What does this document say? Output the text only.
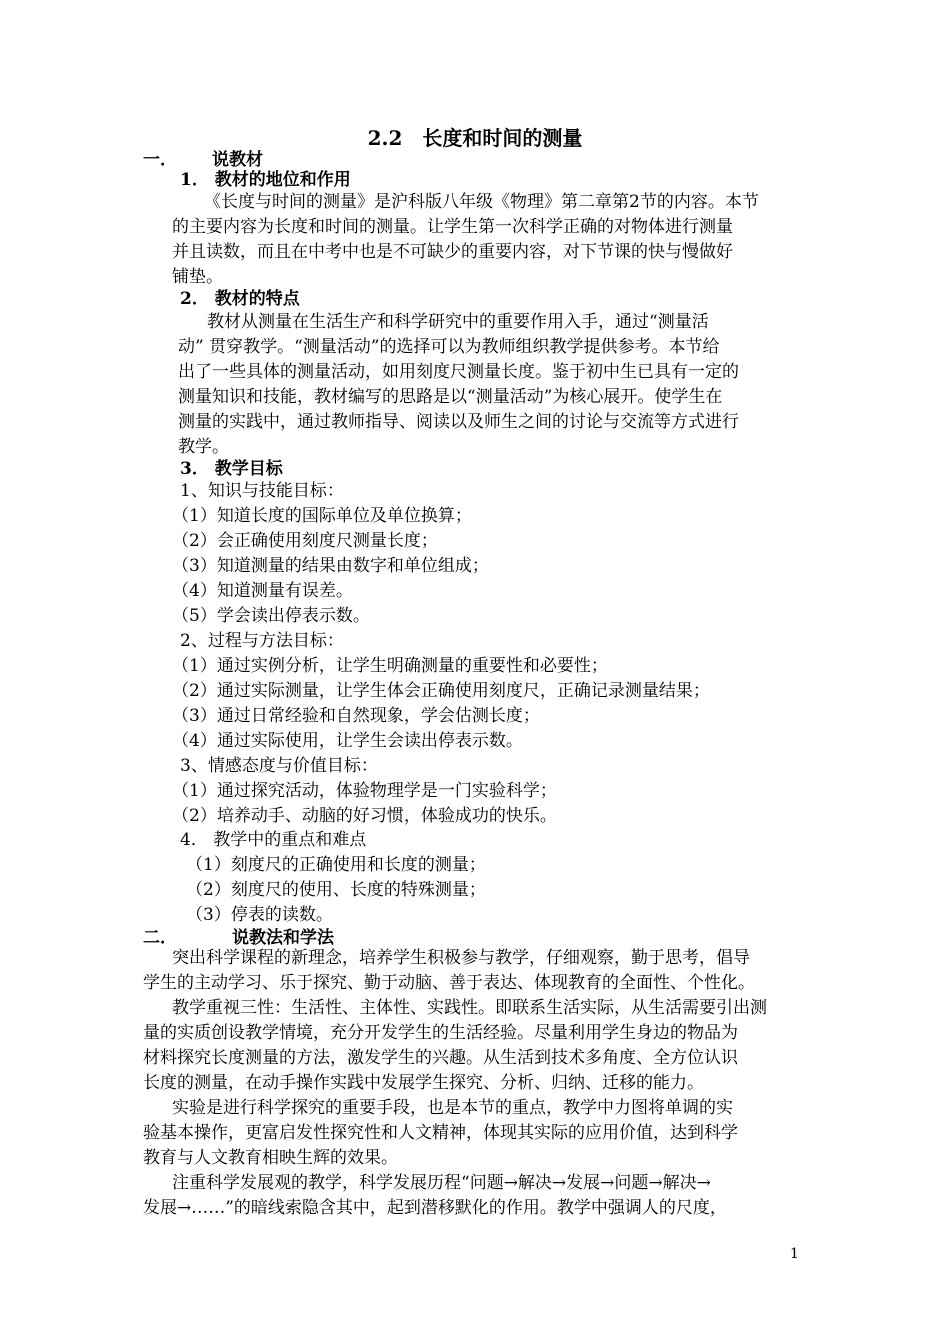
2.2　长度和时间的测量
一． 说教材
1． 教材的地位和作用
《长度与时间的测量》是沪科版八年级《物理》第二章第2节的内容。本节
的主要内容为长度和时间的测量。让学生第一次科学正确的对物体进行测量
并且读数，而且在中考中也是不可缺少的重要内容，对下节课的快与慢做好
铺垫。
2． 教材的特点
教材从测量在生活生产和科学研究中的重要作用入手，通过“测量活
动” 贯穿教学。“测量活动”的选择可以为教师组织教学提供参考。本节给
出了一些具体的测量活动，如用刻度尺测量长度。鉴于初中生已具有一定的
测量知识和技能，教材编写的思路是以“测量活动”为核心展开。使学生在
测量的实践中，通过教师指导、阅读以及师生之间的讨论与交流等方式进行
教学。
3． 教学目标
1、知识与技能目标：
（1）知道长度的国际单位及单位换算；
（2）会正确使用刻度尺测量长度；
（3）知道测量的结果由数字和单位组成；
（4）知道测量有误差。
（5）学会读出停表示数。
2、过程与方法目标：
（1）通过实例分析，让学生明确测量的重要性和必要性；
（2）通过实际测量，让学生体会正确使用刻度尺，正确记录测量结果；
（3）通过日常经验和自然现象，学会估测长度；
（4）通过实际使用，让学生会读出停表示数。
3、情感态度与价值目标：
（1）通过探究活动，体验物理学是一门实验科学；
（2）培养动手、动脑的好习惯，体验成功的快乐。
4． 教学中的重点和难点
（1）刻度尺的正确使用和长度的测量；
（2）刻度尺的使用、长度的特殊测量；
（3）停表的读数。
二．	说教法和学法
突出科学课程的新理念，培养学生积极参与教学，仔细观察，勤于思考，倡导
学生的主动学习、乐于探究、勤于动脑、善于表达、体现教育的全面性、个性化。
教学重视三性：生活性、主体性、实践性。即联系生活实际，从生活需要引出测
量的实质创设教学情境，充分开发学生的生活经验。尽量利用学生身边的物品为
材料探究长度测量的方法，激发学生的兴趣。从生活到技术多角度、全方位认识
长度的测量，在动手操作实践中发展学生探究、分析、归纳、迁移的能力。
实验是进行科学探究的重要手段，也是本节的重点，教学中力图将单调的实
验基本操作，更富启发性探究性和人文精神，体现其实际的应用价值，达到科学
教育与人文教育相映生辉的效果。
注重科学发展观的教学，科学发展历程“问题→解决→发展→问题→解决→
发展→……”的暗线索隐含其中，起到潜移默化的作用。教学中强调人的尺度，
1
